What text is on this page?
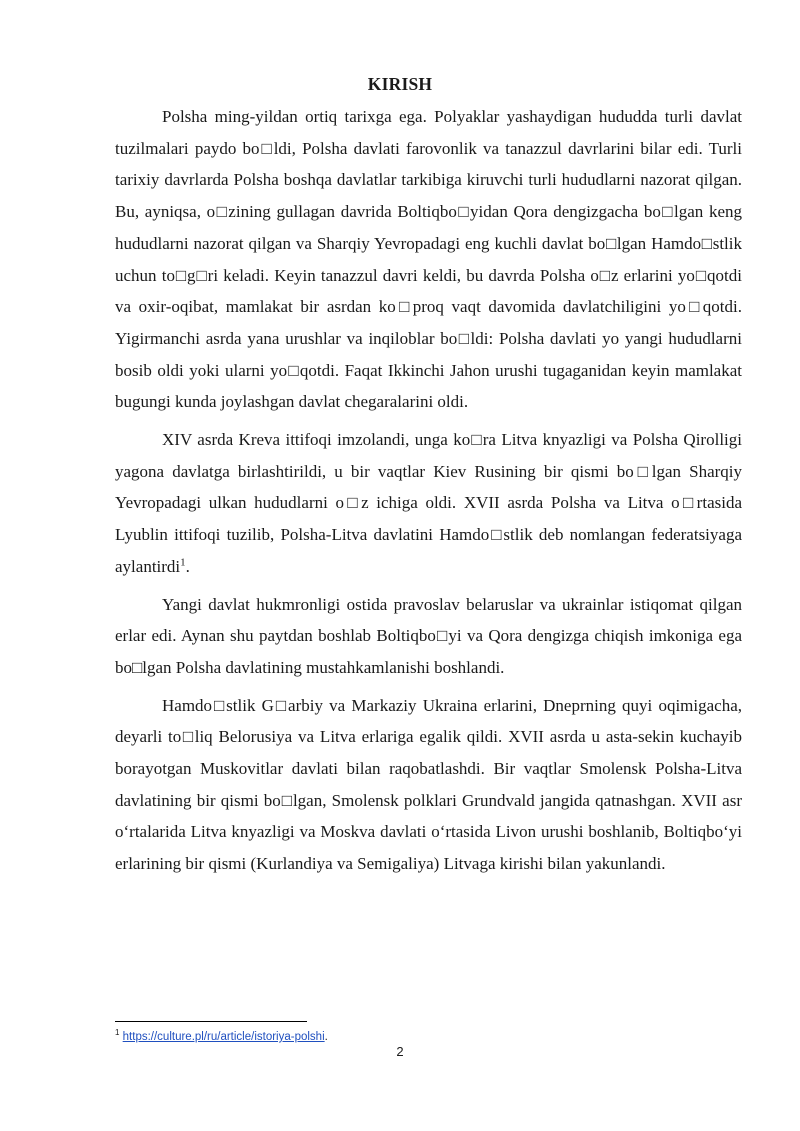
KIRISH

Polsha ming-yildan ortiq tarixga ega. Polyaklar yashaydigan hududda turli davlat tuzilmalari paydo bo□ldi, Polsha davlati farovonlik va tanazzul davrlarini bilar edi. Turli tarixiy davrlarda Polsha boshqa davlatlar tarkibiga kiruvchi turli hududlarni nazorat qilgan. Bu, ayniqsa, o□zining gullagan davrida Boltiqbo□yidan Qora dengizgacha bo□lgan keng hududlarni nazorat qilgan va Sharqiy Yevropadagi eng kuchli davlat bo□lgan Hamdo□stlik uchun to□g□ri keladi. Keyin tanazzul davri keldi, bu davrda Polsha o□z erlarini yo□qotdi va oxir-oqibat, mamlakat bir asrdan ko□proq vaqt davomida davlatchiligini yo□qotdi. Yigirmanchi asrda yana urushlar va inqiloblar bo□ldi: Polsha davlati yo yangi hududlarni bosib oldi yoki ularni yo□qotdi. Faqat Ikkinchi Jahon urushi tugaganidan keyin mamlakat bugungi kunda joylashgan davlat chegaralarini oldi.

XIV asrda Kreva ittifoqi imzolandi, unga ko□ra Litva knyazligi va Polsha Qirolligi yagona davlatga birlashtirildi, u bir vaqtlar Kiev Rusining bir qismi bo□lgan Sharqiy Yevropadagi ulkan hududlarni o□z ichiga oldi. XVII asrda Polsha va Litva o□rtasida Lyublin ittifoqi tuzilib, Polsha-Litva davlatini Hamdo□stlik deb nomlangan federatsiyaga aylantirdi$^1$.

Yangi davlat hukmronligi ostida pravoslav belaruslar va ukrainlar istiqomat qilgan erlar edi. Aynan shu paytdan boshlab Boltiqbo□yi va Qora dengizga chiqish imkoniga ega bo□lgan Polsha davlatining mustahkamlanishi boshlandi.

Hamdo□stlik G□arbiy va Markaziy Ukraina erlarini, Dneprning quyi oqimigacha, deyarli to□liq Belorusiya va Litva erlariga egalik qildi. XVII asrda u asta-sekin kuchayib borayotgan Muskovitlar davlati bilan raqobatlashdi. Bir vaqtlar Smolensk Polsha-Litva davlatining bir qismi bo□lgan, Smolensk polklari Grundvald jangida qatnashgan. XVII asr o‘rtalarida Litva knyazligi va Moskva davlati o‘rtasida Livon urushi boshlanib, Boltiqbo‘yi erlarining bir qismi (Kurlandiya va Semigaliya) Litvaga kirishi bilan yakunlandi.

$^1$ https://culture.pl/ru/article/istoriya-polshi.
2
